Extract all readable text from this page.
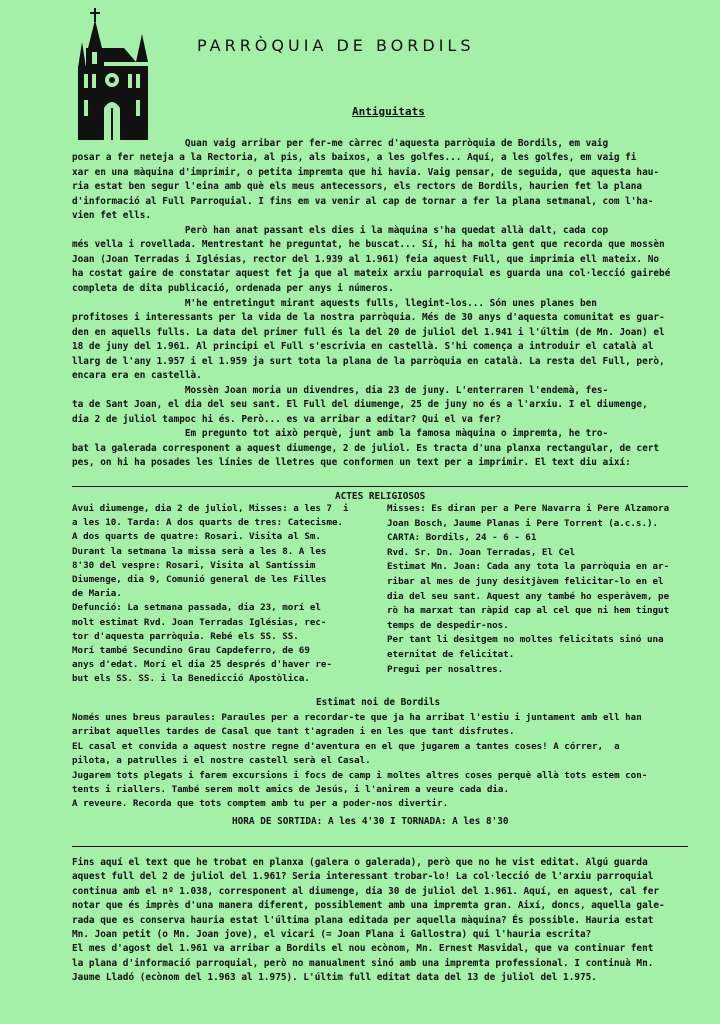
PARRÒQUIA DE BORDILS
Antiguitats
Quan vaig arribar per fer-me càrrec d'aquesta parròquia de Bordils, em vaig
posar a fer neteja a la Rectoria, al pis, als baixos, a les golfes... Aquí, a les golfes, em vaig fi
xar en una màquina d'imprimir, o petita impremta que hi havia. Vaig pensar, de seguida, que aquesta hau-
ria estat ben segur l'eina amb què els meus antecessors, els rectors de Bordils, haurien fet la plana
d'informació al Full Parroquial. I fins em va venir al cap de tornar a fer la plana setmanal, com l'ha-
vien fet ells.
Però han anat passant els dies i la màquina s'ha quedat allà dalt, cada cop
més vella i rovellada. Mentrestant he preguntat, he buscat... Sí, hi ha molta gent que recorda que mossèn
Joan (Joan Terradas i Iglésias, rector del 1.939 al 1.961) feia aquest Full, que imprimia ell mateix. No
ha costat gaire de constatar aquest fet ja que al mateix arxiu parroquial es guarda una col·lecció gairebé
completa de dita publicació, ordenada per anys i números.
M'he entretingut mirant aquests fulls, llegint-los... Són unes planes ben
profitoses i interessants per la vida de la nostra parròquia. Més de 30 anys d'aquesta comunitat es guar-
den en aquells fulls. La data del primer full és la del 20 de juliol del 1.941 i l'últim (de Mn. Joan) el
18 de juny del 1.961. Al principi el Full s'escrivia en castellà. S'hi comença a introduir el català al
llarg de l'any 1.957 i el 1.959 ja surt tota la plana de la parròquia en català. La resta del Full, però,
encara era en castellà.
Mossèn Joan moria un divendres, dia 23 de juny. L'enterraren l'endemà, fes-
ta de Sant Joan, el dia del seu sant. El Full del diumenge, 25 de juny no és a l'arxiu. I el diumenge,
dia 2 de juliol tampoc hi és. Però... es va arribar a editar? Qui el va fer?
Em pregunto tot això perquè, junt amb la famosa màquina o impremta, he tro-
bat la galerada corresponent a aquest diumenge, 2 de juliol. Es tracta d'una planxa rectangular, de cert
pes, on hi ha posades les línies de lletres que conformen un text per a imprimir. El text diu així:
ACTES RELIGIOSOS
Avui diumenge, dia 2 de juliol, Misses: a les 7  i
a les 10. Tarda: A dos quarts de tres: Catecisme.
A dos quarts de quatre: Rosari. Visita al Sm.
Durant la setmana la missa serà a les 8. A les
8'30 del vespre: Rosari, Visita al Santíssim
Diumenge, dia 9, Comunió general de les Filles
de Maria.
Defunció: La setmana passada, dia 23, morí el
molt estimat Rvd. Joan Terradas Iglésias, rec-
tor d'aquesta parròquia. Rebé els SS. SS.
Morí també Secundino Grau Capdeferro, de 69
anys d'edat. Morí el dia 25 després d'haver re-
but els SS. SS. i la Benedicció Apostòlica.
Misses: Es diran per a Pere Navarra i Pere Alzamora
Joan Bosch, Jaume Planas i Pere Torrent (a.c.s.).
CARTA: Bordils, 24 - 6 - 61
Rvd. Sr. Dn. Joan Terradas, El Cel
Estimat Mn. Joan: Cada any tota la parròquia en ar-
ribar al mes de juny desitjàvem felicitar-lo en el
dia del seu sant. Aquest any també ho esperàvem, pe
rò ha marxat tan ràpid cap al cel que ni hem tingut
temps de despedir-nos.
Per tant li desitgem no moltes felicitats sinó una
eternitat de felicitat.
Pregui per nosaltres.
Estimat noi de Bordils
Només unes breus paraules: Paraules per a recordar-te que ja ha arribat l'estiu i juntament amb ell han
arribat aquelles tardes de Casal que tant t'agraden i en les que tant disfrutes.
EL casal et convida a aquest nostre regne d'aventura en el que jugarem a tantes coses! A córrer,  a
pilota, a patrulles i el nostre castell serà el Casal.
Jugarem tots plegats i farem excursions i focs de camp i moltes altres coses perquè allà tots estem con-
tents i riallers. També serem molt amics de Jesús, i l'anirem a veure cada dia.
A reveure. Recorda que tots comptem amb tu per a poder-nos divertir.
HORA DE SORTIDA: A les 4'30 I TORNADA: A les 8'30
Fins aquí el text que he trobat en planxa (galera o galerada), però que no he vist editat. Algú guarda
aquest full del 2 de juliol del 1.961? Seria interessant trobar-lo! La col·lecció de l'arxiu parroquial
continua amb el nº 1.038, corresponent al diumenge, dia 30 de juliol del 1.961. Aquí, en aquest, cal fer
notar que és imprès d'una manera diferent, possiblement amb una impremta gran. Així, doncs, aquella gale-
rada que es conserva hauria estat l'última plana editada per aquella màquina? És possible. Hauria estat
Mn. Joan petit (o Mn. Joan jove), el vicari (= Joan Plana i Gallostra) qui l'hauria escrita?
El mes d'agost del 1.961 va arribar a Bordils el nou ecònom, Mn. Ernest Masvidal, que va continuar fent
la plana d'informació parroquial, però no manualment sinó amb una impremta professional. I continuà Mn.
Jaume Lladó (ecònom del 1.963 al 1.975). L'últim full editat data del 13 de juliol del 1.975.
